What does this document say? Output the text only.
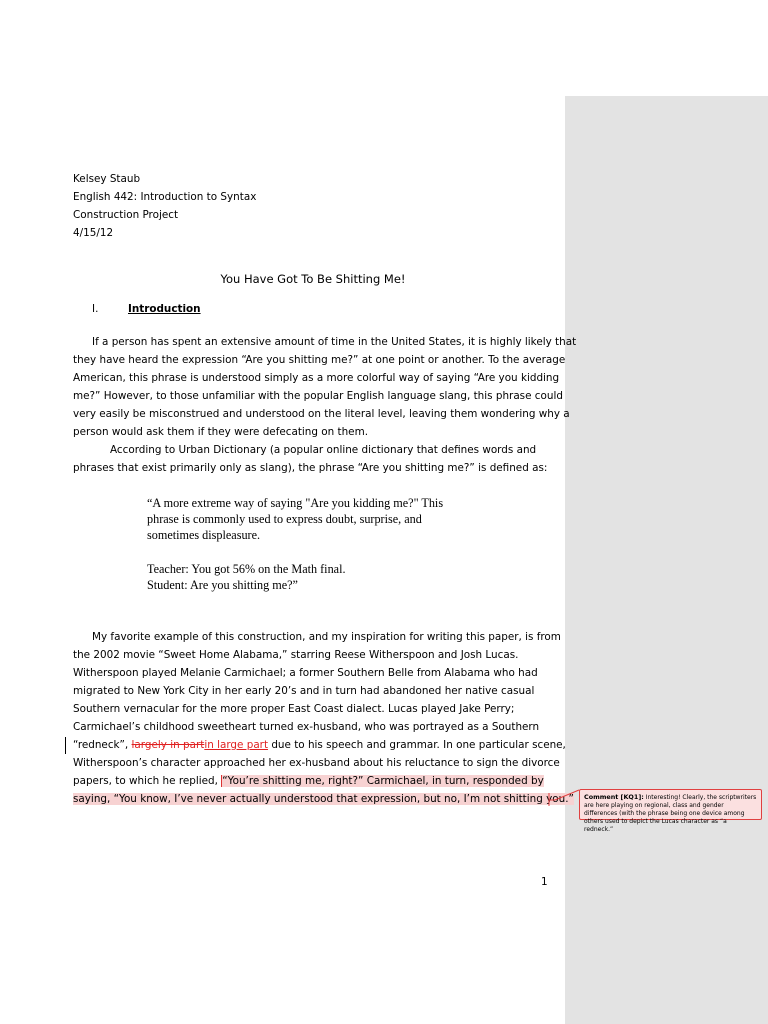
Kelsey Staub
English 442: Introduction to Syntax
Construction Project
4/15/12
You Have Got To Be Shitting Me!
I.	Introduction
If a person has spent an extensive amount of time in the United States, it is highly likely that
they have heard the expression “Are you shitting me?” at one point or another. To the average
American, this phrase is understood simply as a more colorful way of saying “Are you kidding
me?” However, to those unfamiliar with the popular English language slang, this phrase could
very easily be misconstrued and understood on the literal level, leaving them wondering why a
person would ask them if they were defecating on them.
According to Urban Dictionary (a popular online dictionary that defines words and
phrases that exist primarily only as slang), the phrase “Are you shitting me?” is defined as:
“A more extreme way of saying "Are you kidding me?" This
phrase is commonly used to express doubt, surprise, and
sometimes displeasure.
Teacher: You got 56% on the Math final.
Student: Are you shitting me?”
My favorite example of this construction, and my inspiration for writing this paper, is from
the 2002 movie “Sweet Home Alabama,” starring Reese Witherspoon and Josh Lucas.
Witherspoon played Melanie Carmichael; a former Southern Belle from Alabama who had
migrated to New York City in her early 20’s and in turn had abandoned her native casual
Southern vernacular for the more proper East Coast dialect. Lucas played Jake Perry;
Carmichael’s childhood sweetheart turned ex-husband, who was portrayed as a Southern
“redneck”, largely in partin large part due to his speech and grammar. In one particular scene,
Witherspoon’s character approached her ex-husband about his reluctance to sign the divorce
papers, to which he replied, “You’re shitting me, right?” Carmichael, in turn, responded by
saying, “You know, I’ve never actually understood that expression, but no, I’m not shitting you.”	Comment [KQ1]: Interesting! Clearly, the scriptwriters are here playing on regional, class and gender differences (with the phrase being one device among others used to depict the Lucas character as “a redneck.”
1
